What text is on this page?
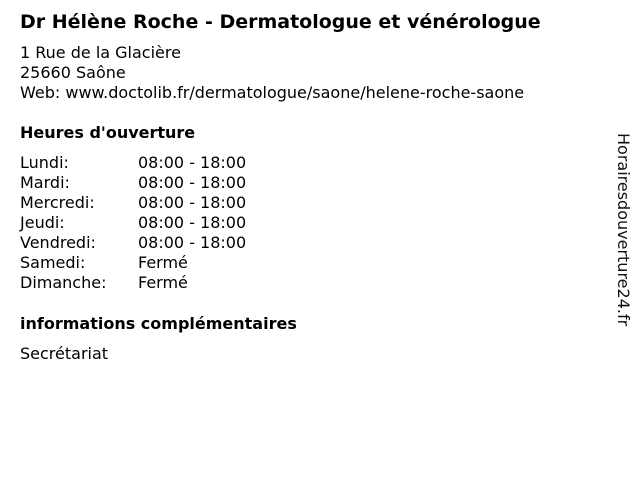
Dr Hélène Roche - Dermatologue et vénérologue
1 Rue de la Glacière
25660 Saône
Web: www.doctolib.fr/dermatologue/saone/helene-roche-saone
Heures d'ouverture
Lundi:	08:00 - 18:00
Mardi:	08:00 - 18:00
Mercredi:	08:00 - 18:00
Jeudi:	08:00 - 18:00
Vendredi:	08:00 - 18:00
Samedi:	Fermé
Dimanche:	Fermé
informations complémentaires
Secrétariat
Horairesdouverture24.fr
